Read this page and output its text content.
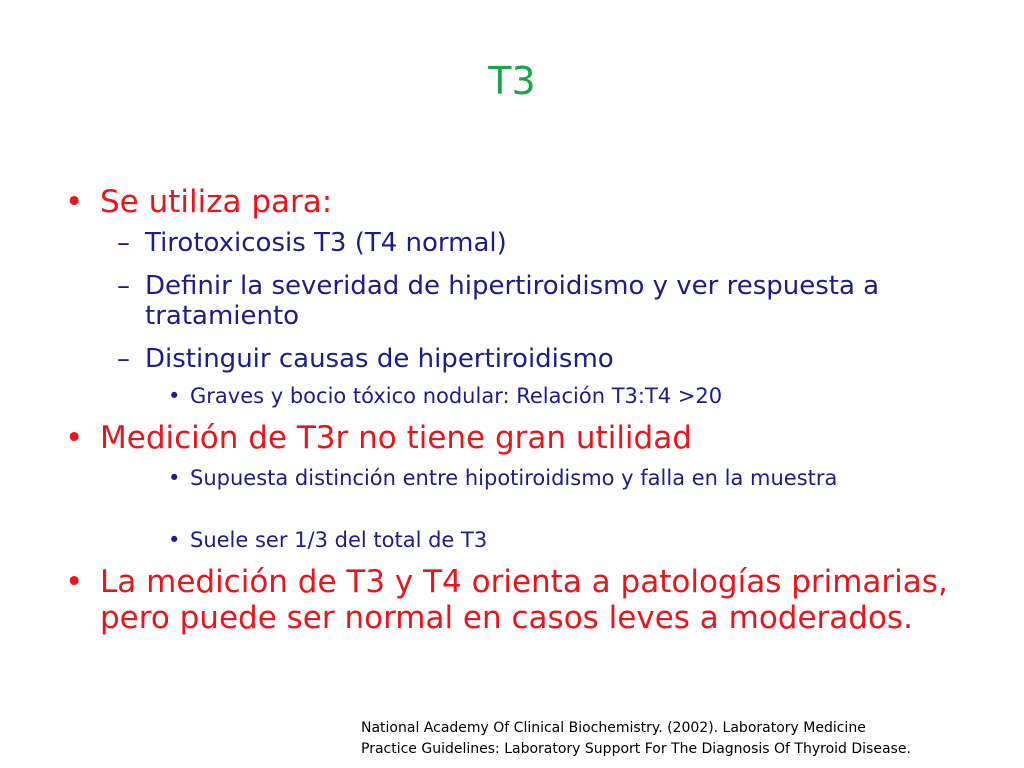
T3

• Se utiliza para:

– Tirotoxicosis T3 (T4 normal)

– Definir la severidad de hipertiroidismo y ver respuesta a tratamiento

– Distinguir causas de hipertiroidismo

• Graves y bocio tóxico nodular: Relación T3:T4 >20

• Medición de T3r no tiene gran utilidad

• Supuesta distinción entre hipotiroidismo y falla en la muestra

• Suele ser 1/3 del total de T3

• La medición de T3 y T4 orienta a patologías primarias, pero puede ser normal en casos leves a moderados.

National Academy Of Clinical Biochemistry. (2002). Laboratory Medicine
Practice Guidelines: Laboratory Support For The Diagnosis Of Thyroid Disease.
